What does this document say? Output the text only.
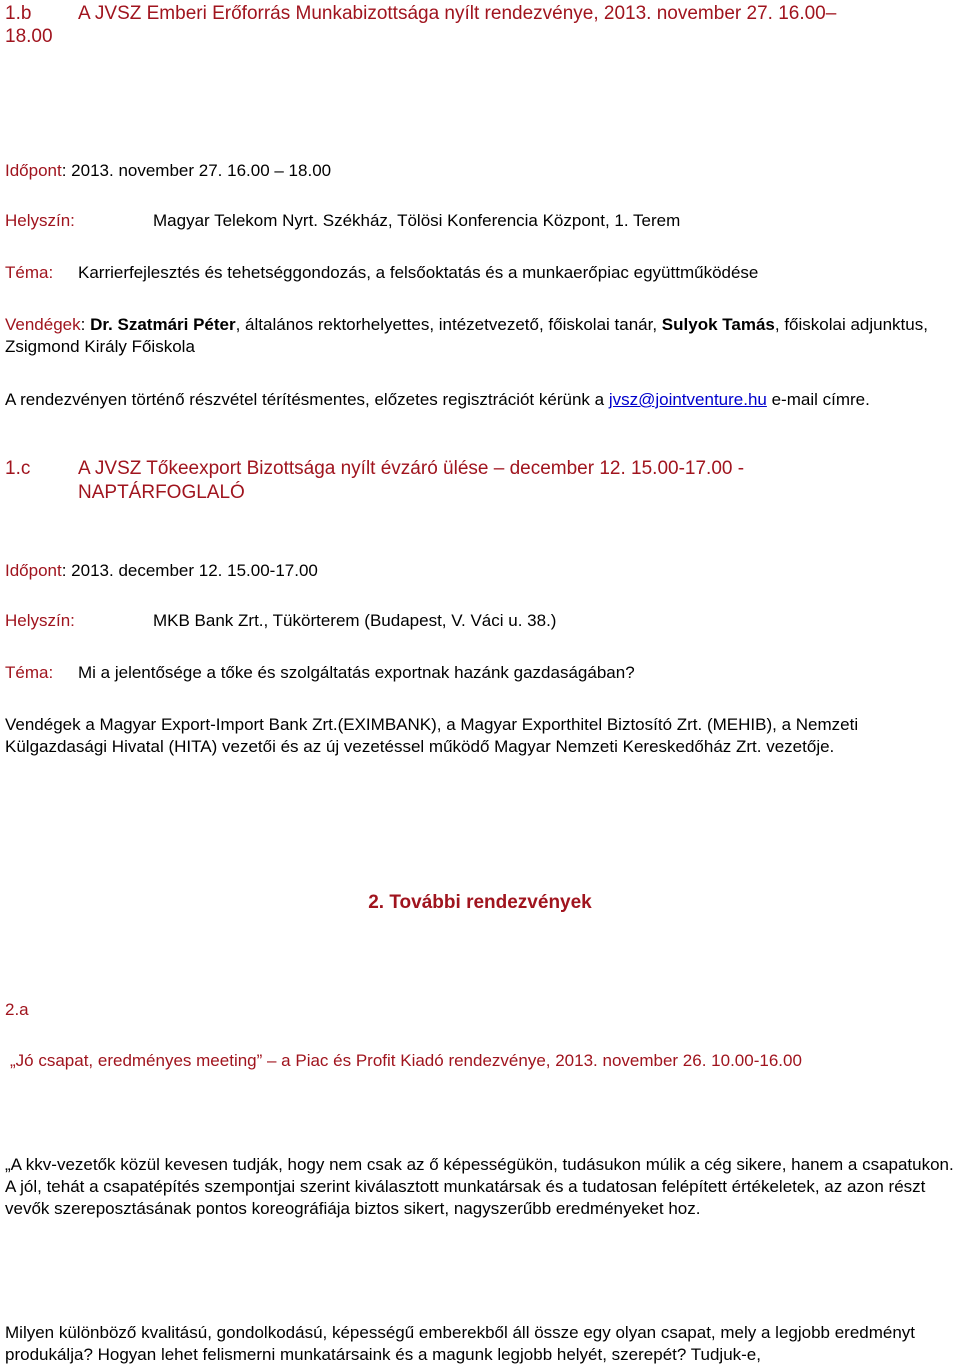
1.b A JVSZ Emberi Erőforrás Munkabizottsága nyílt rendezvénye, 2013. november 27. 16.00–
18.00
Időpont: 2013. november 27. 16.00 – 18.00
Helyszín:	Magyar Telekom Nyrt. Székház, Tölösi Konferencia Központ, 1. Terem
Téma: Karrierfejlesztés és tehetséggondozás, a felsőoktatás és a munkaerőpiac együttműködése

Vendégek: Dr. Szatmári Péter, általános rektorhelyettes, intézetvezető, főiskolai tanár, Sulyok Tamás, főiskolai adjunktus, Zsigmond Király Főiskola

A rendezvényen történő részvétel térítésmentes, előzetes regisztrációt kérünk a jvsz@jointventure.hu e-mail címre.

1.c	A JVSZ Tőkeexport Bizottsága nyílt évzáró ülése – december 12. 15.00-17.00 -
NAPTÁRFOGLALÓ
Időpont: 2013. december 12. 15.00-17.00
Helyszín:	MKB Bank Zrt., Tükörterem (Budapest, V. Váci u. 38.)
Téma: Mi a jelentősége a tőke és szolgáltatás exportnak hazánk gazdaságában?

Vendégek a Magyar Export-Import Bank Zrt.(EXIMBANK), a Magyar Exporthitel Biztosító Zrt. (MEHIB), a Nemzeti Külgazdasági Hivatal (HITA) vezetői és az új vezetéssel működő Magyar Nemzeti Kereskedőház Zrt. vezetője.

2. További rendezvények
2.a
„Jó csapat, eredményes meeting” – a Piac és Profit Kiadó rendezvénye, 2013. november 26. 10.00-16.00

„A kkv-vezetők közül kevesen tudják, hogy nem csak az ő képességükön, tudásukon múlik a cég sikere, hanem a csapatukon. A jól, tehát a csapatépítés szempontjai szerint kiválasztott munkatársak és a tudatosan felépített értékeletek, az azon részt vevők szereposztásának pontos koreográfiája biztos sikert, nagyszerűbb eredményeket hoz.

Milyen különböző kvalitású, gondolkodású, képességű emberekből áll össze egy olyan csapat, mely a legjobb eredményt produkálja? Hogyan lehet felismerni munkatársaink és a magunk legjobb helyét, szerepét? Tudjuk-e,
